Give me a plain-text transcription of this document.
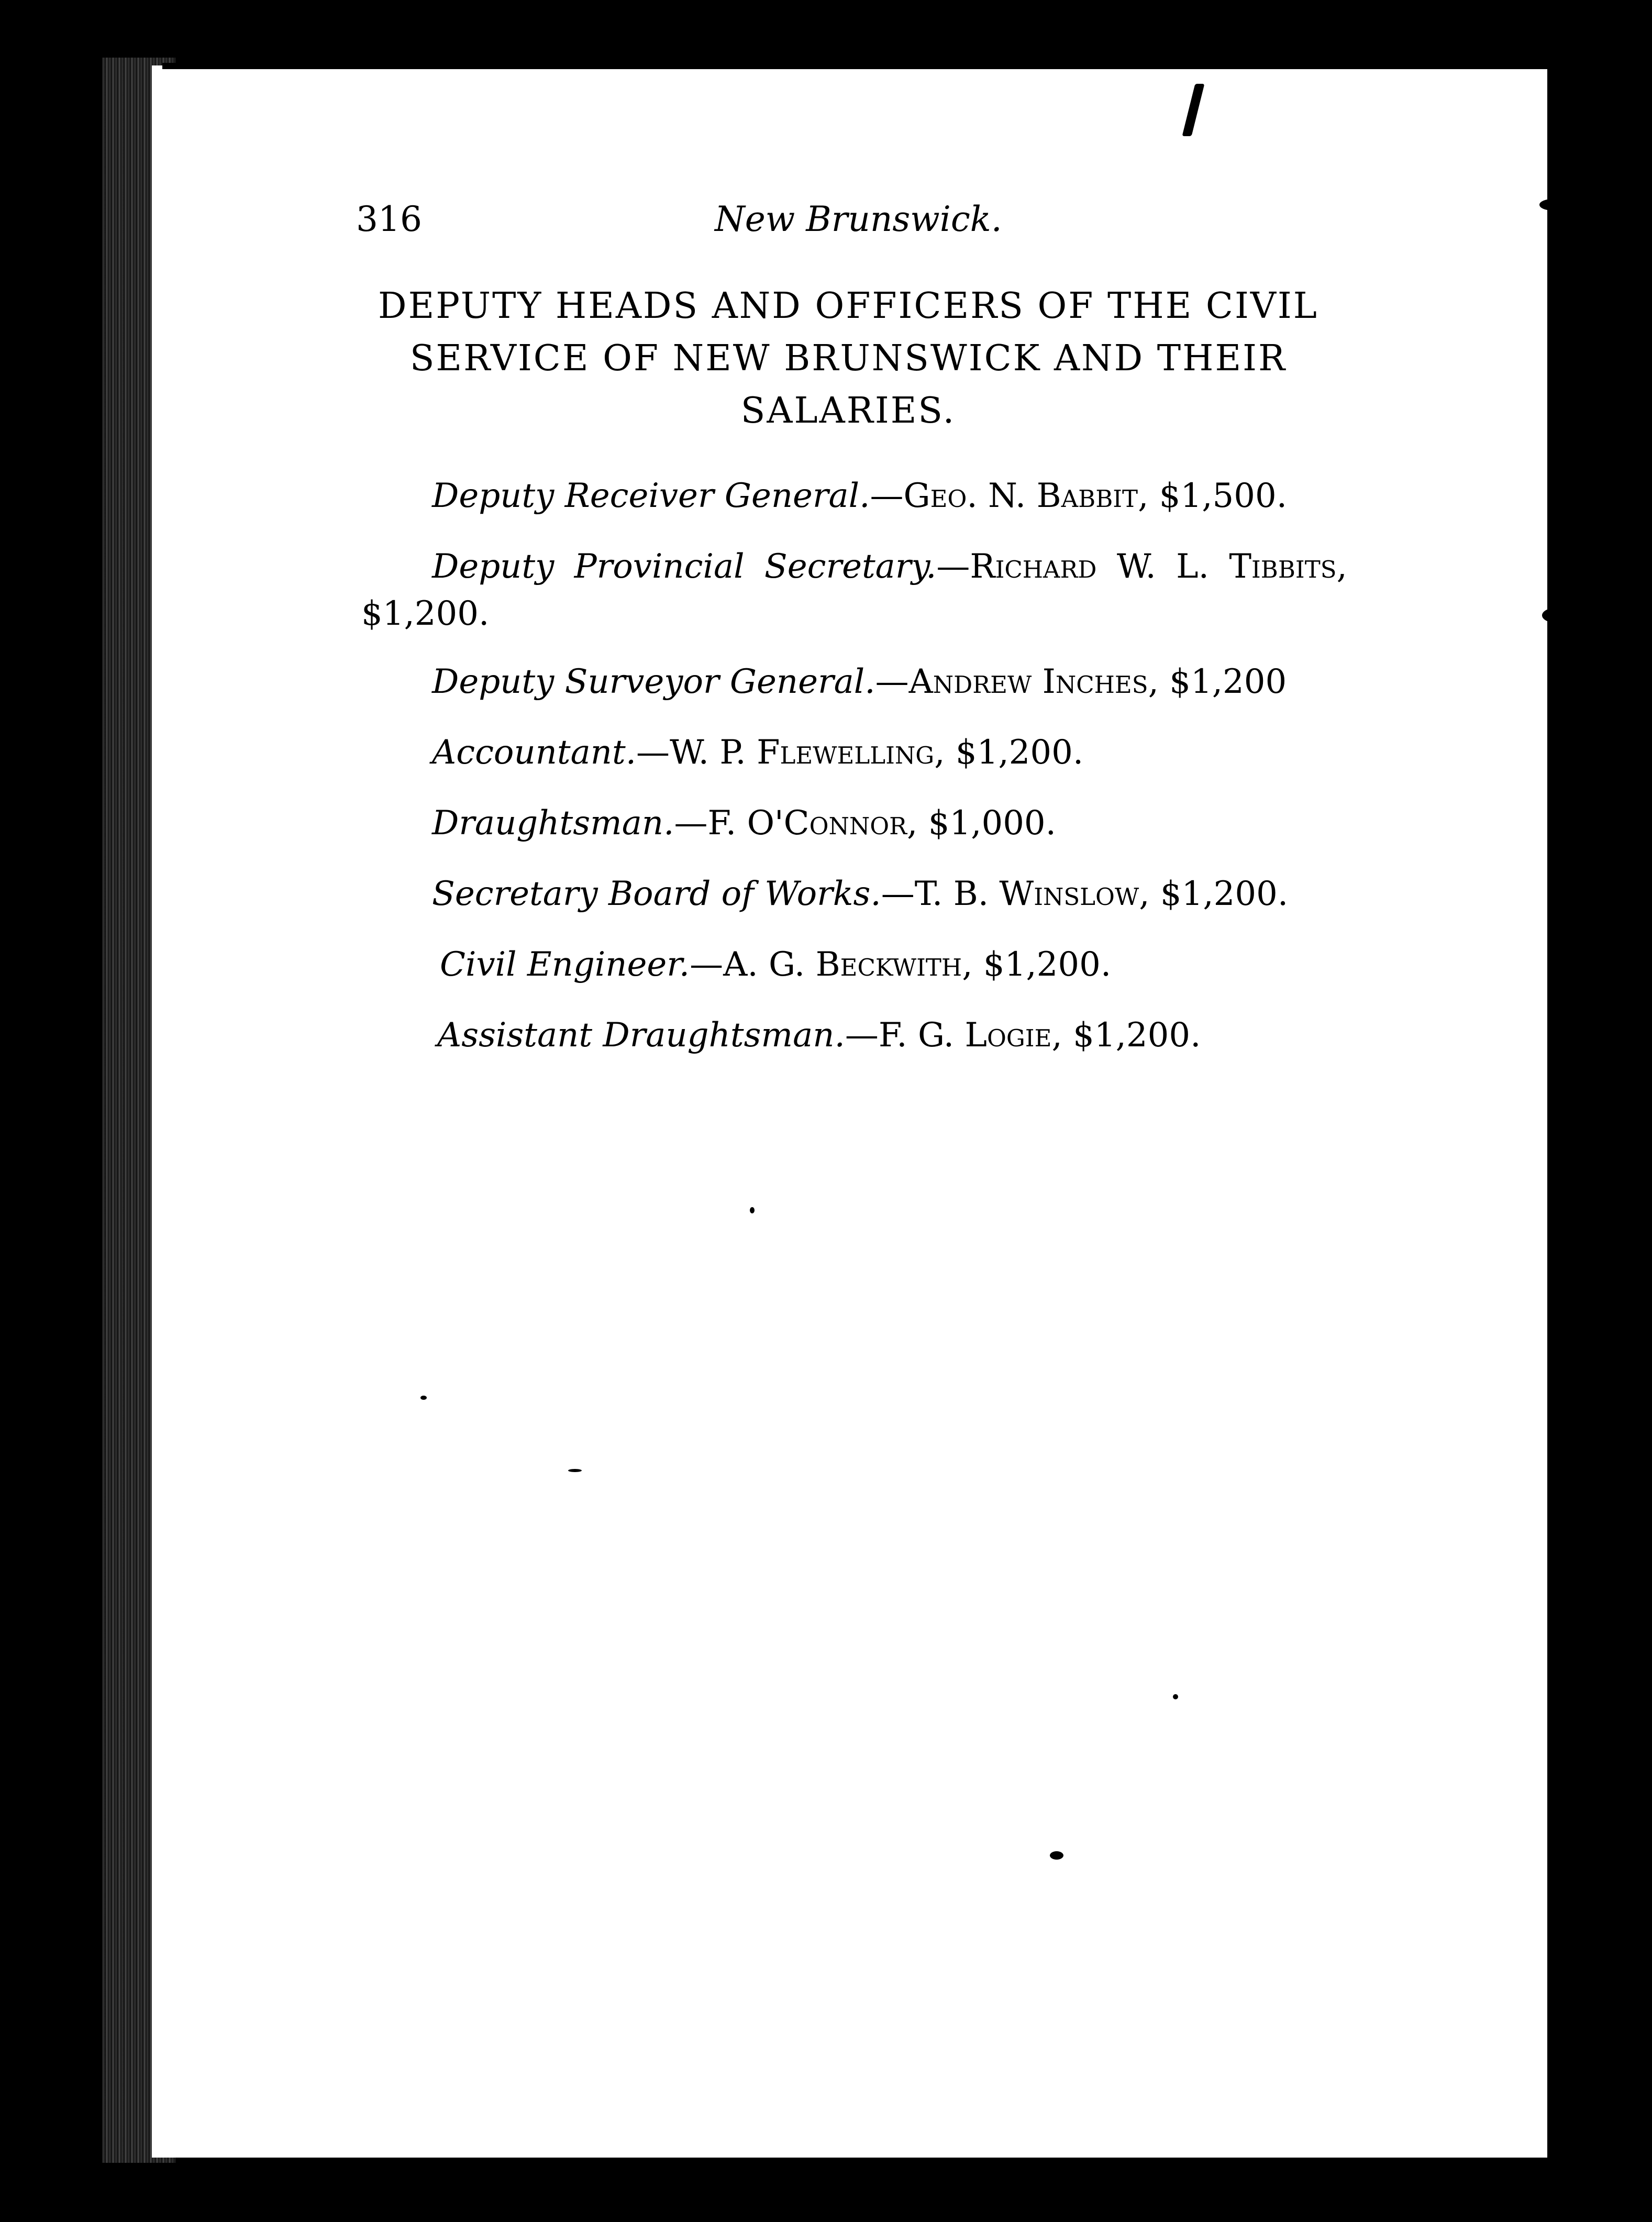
316	New Brunswick.
DEPUTY HEADS AND OFFICERS OF THE CIVIL SERVICE OF NEW BRUNSWICK AND THEIR SALARIES.
Deputy Receiver General.—Geo. N. Babbit, $1,500.
Deputy Provincial Secretary.—Richard W. L. Tibbits,
$1,200.
Deputy Surveyor General.—Andrew Inches, $1,200
Accountant.—W. P. Flewelling, $1,200.
Draughtsman.—F. O'Connor, $1,000.
Secretary Board of Works.—T. B. Winslow, $1,200.
Civil Engineer.—A. G. Beckwith, $1,200.
Assistant Draughtsman.—F. G. Logie, $1,200.
